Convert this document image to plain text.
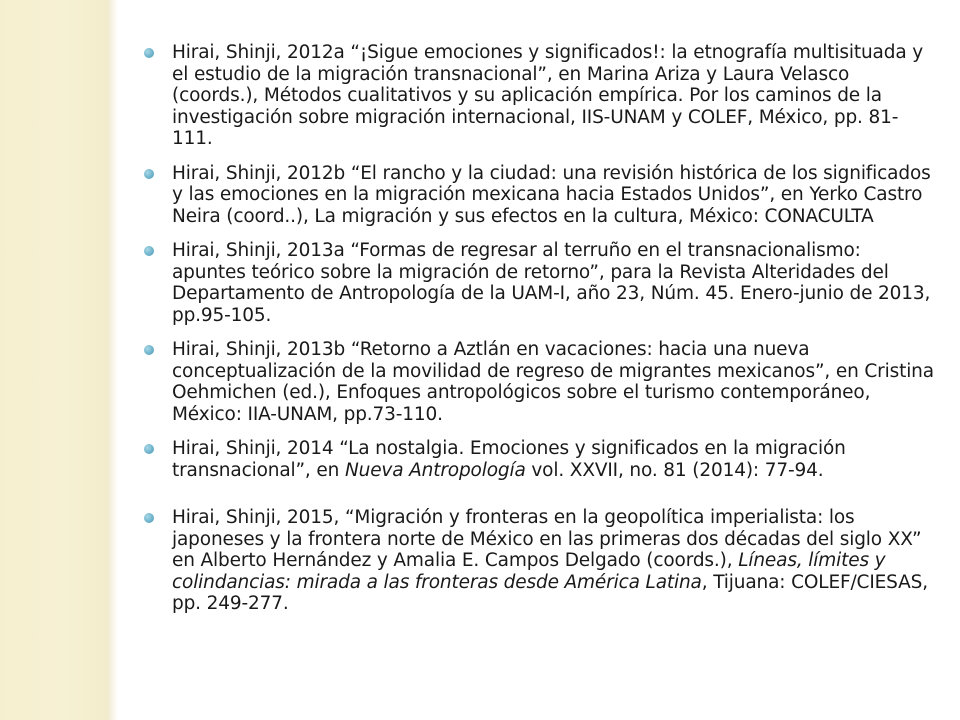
Hirai, Shinji, 2012a “¡Sigue emociones y significados!: la etnografía multisituada y el estudio de la migración transnacional”, en Marina Ariza y Laura Velasco (coords.), Métodos cualitativos y su aplicación empírica. Por los caminos de la investigación sobre migración internacional, IIS-UNAM y COLEF, México, pp. 81-111.
Hirai, Shinji, 2012b “El rancho y la ciudad: una revisión histórica de los significados y las emociones en la migración mexicana hacia Estados Unidos”, en Yerko Castro Neira (coord..), La migración y sus efectos en la cultura, México: CONACULTA
Hirai, Shinji, 2013a “Formas de regresar al terruño en el transnacionalismo: apuntes teórico sobre la migración de retorno”, para la Revista Alteridades del Departamento de Antropología de la UAM-I, año 23, Núm. 45. Enero-junio de 2013, pp.95-105.
Hirai, Shinji, 2013b “Retorno a Aztlán en vacaciones: hacia una nueva conceptualización de la movilidad de regreso de migrantes mexicanos”, en Cristina Oehmichen (ed.), Enfoques antropológicos sobre el turismo contemporáneo, México: IIA-UNAM, pp.73-110.
Hirai, Shinji, 2014 “La nostalgia. Emociones y significados en la migración transnacional”, en Nueva Antropología vol. XXVII, no. 81 (2014): 77-94.
Hirai, Shinji, 2015, “Migración y fronteras en la geopolítica imperialista: los japoneses y la frontera norte de México en las primeras dos décadas del siglo XX” en Alberto Hernández y Amalia E. Campos Delgado (coords.), Líneas, límites y colindancias: mirada a las fronteras desde América Latina, Tijuana: COLEF/CIESAS, pp. 249-277.
